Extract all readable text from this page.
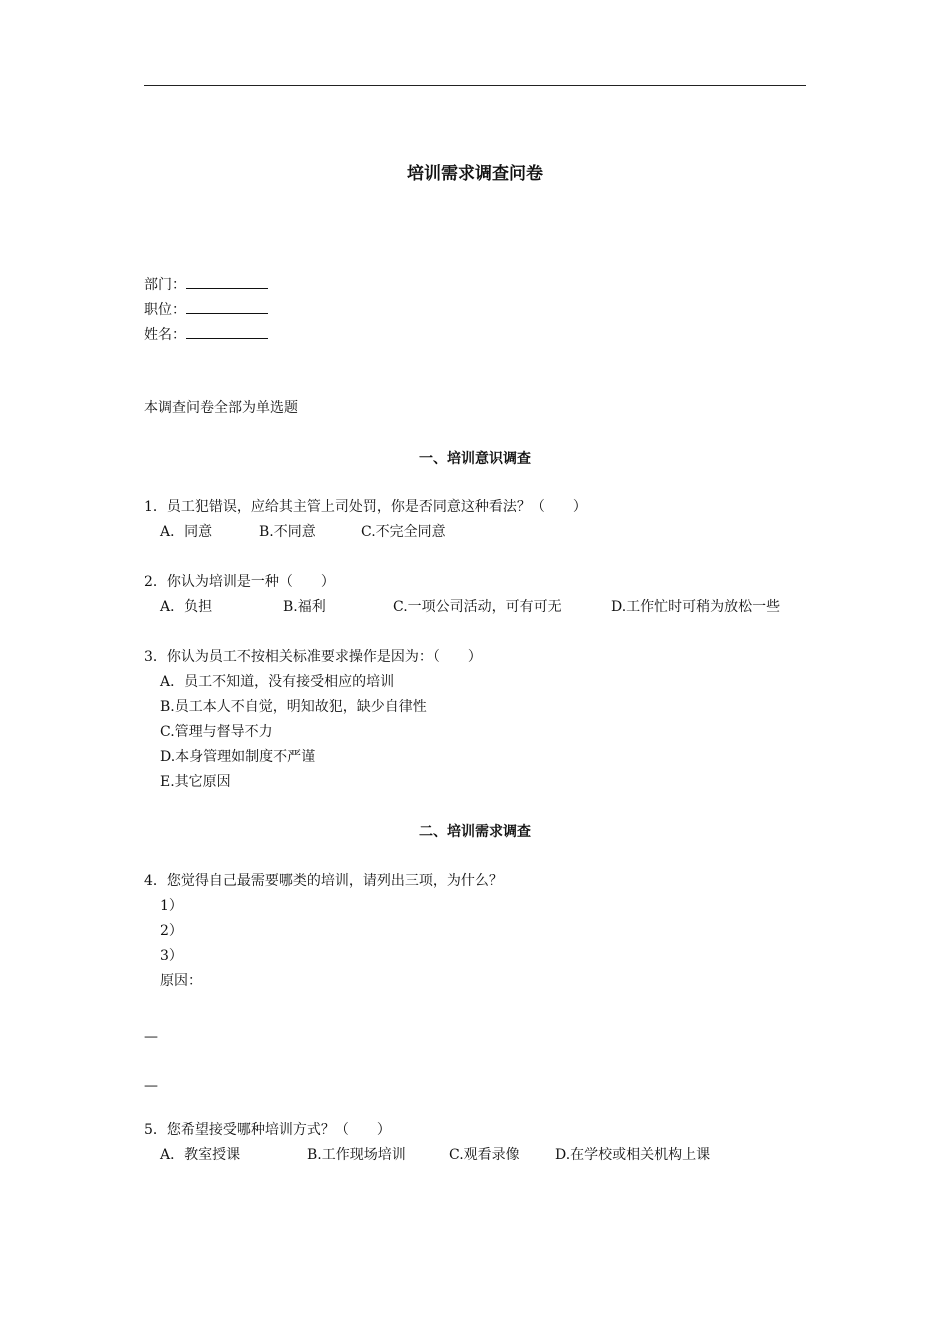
培训需求调查问卷
部门：
职位：
姓名：
本调查问卷全部为单选题
一、培训意识调查
1．员工犯错误，应给其主管上司处罚，你是否同意这种看法？（　　）
A．同意	B.不同意	C.不完全同意
2．你认为培训是一种（　　）
A．负担	B.福利	C.一项公司活动，可有可无	D.工作忙时可稍为放松一些
3．你认为员工不按相关标准要求操作是因为：（　　）
A．员工不知道，没有接受相应的培训
B.员工本人不自觉，明知故犯，缺少自律性
C.管理与督导不力
D.本身管理如制度不严谨
E.其它原因
二、培训需求调查
4．您觉得自己最需要哪类的培训，请列出三项，为什么？
1）
2）
3）
原因：
—
—
5．您希望接受哪种培训方式？（　　）
A．教室授课	B.工作现场培训	C.观看录像	D.在学校或相关机构上课
